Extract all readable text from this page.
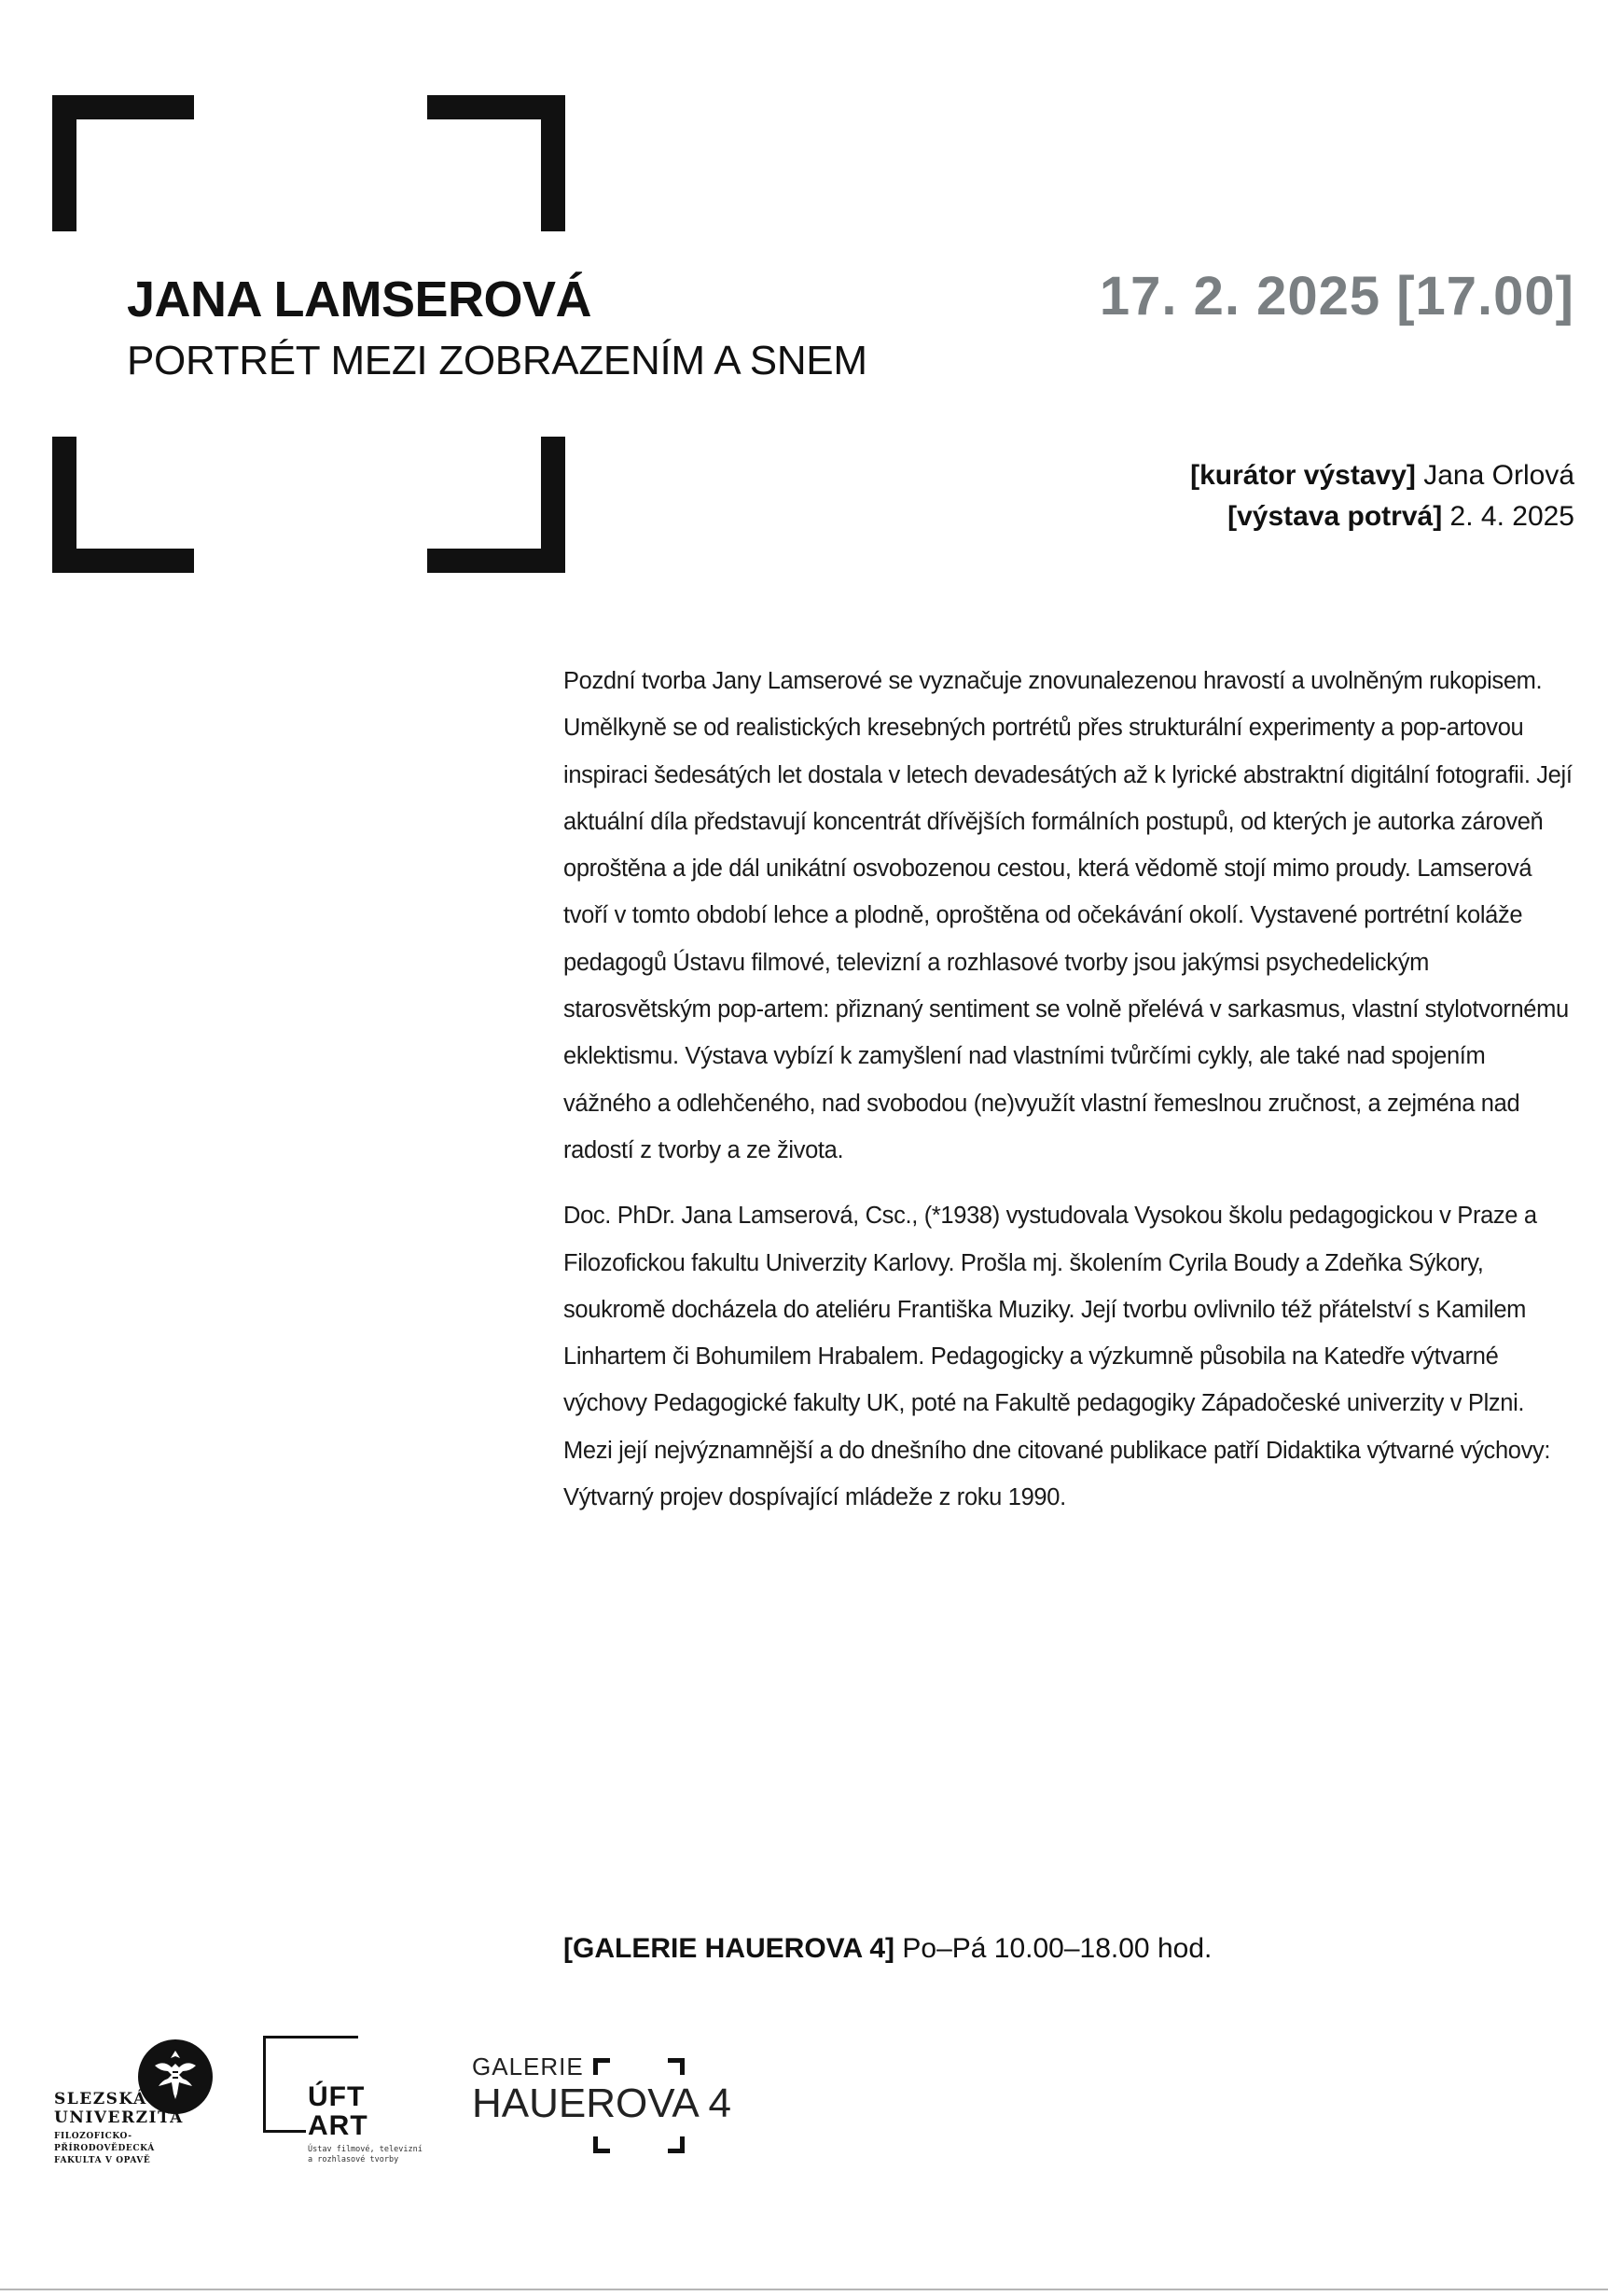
JANA LAMSEROVÁ
PORTRÉT MEZI ZOBRAZENÍM A SNEM
17. 2. 2025 [17.00]
[kurátor výstavy] Jana Orlová
[výstava potrvá] 2. 4. 2025

Pozdní tvorba Jany Lamserové se vyznačuje znovunalezenou hravostí a uvolněným rukopisem. Umělkyně se od realistických kresebných portrétů přes strukturální experimenty a pop-artovou inspiraci šedesátých let dostala v letech devadesátých až k lyrické abstraktní digitální fotografii. Její aktuální díla představují koncentrát dřívějších formálních postupů, od kterých je autorka zároveň oproštěna a jde dál unikátní osvobozenou cestou, která vědomě stojí mimo proudy. Lamserová tvoří v tomto období lehce a plodně, oproštěna od očekávání okolí. Vystavené portrétní koláže pedagogů Ústavu filmové, televizní a rozhlasové tvorby jsou jakýmsi psychedelickým starosvětským pop-artem: přiznaný sentiment se volně přelévá v sarkasmus, vlastní stylotvornému eklektismu. Výstava vybízí k zamyšlení nad vlastními tvůrčími cykly, ale také nad spojením vážného a odlehčeného, nad svobodou (ne)využít vlastní řemeslnou zručnost, a zejména nad radostí z tvorby a ze života.

Doc. PhDr. Jana Lamserová, Csc., (*1938) vystudovala Vysokou školu pedagogickou v Praze a Filozofickou fakultu Univerzity Karlovy. Prošla mj. školením Cyrila Boudy a Zdeňka Sýkory, soukromě docházela do ateliéru Františka Muziky. Její tvorbu ovlivnilo též přátelství s Kamilem Linhartem či Bohumilem Hrabalem. Pedagogicky a výzkumně působila na Katedře výtvarné výchovy Pedagogické fakulty UK, poté na Fakultě pedagogiky Západočeské univerzity v Plzni. Mezi její nejvýznamnější a do dnešního dne citované publikace patří Didaktika výtvarné výchovy: Výtvarný projev dospívající mládeže z roku 1990.

[GALERIE HAUEROVA 4] Po–Pá 10.00–18.00 hod.
SLEZSKÁ
UNIVERZITA
FILOZOFICKO-
PŘÍRODOVĚDECKÁ
FAKULTA V OPAVĚ
ÚFT
ART
Ústav filmové, televizní
a rozhlasové tvorby
GALERIE
HAUEROVA 4
